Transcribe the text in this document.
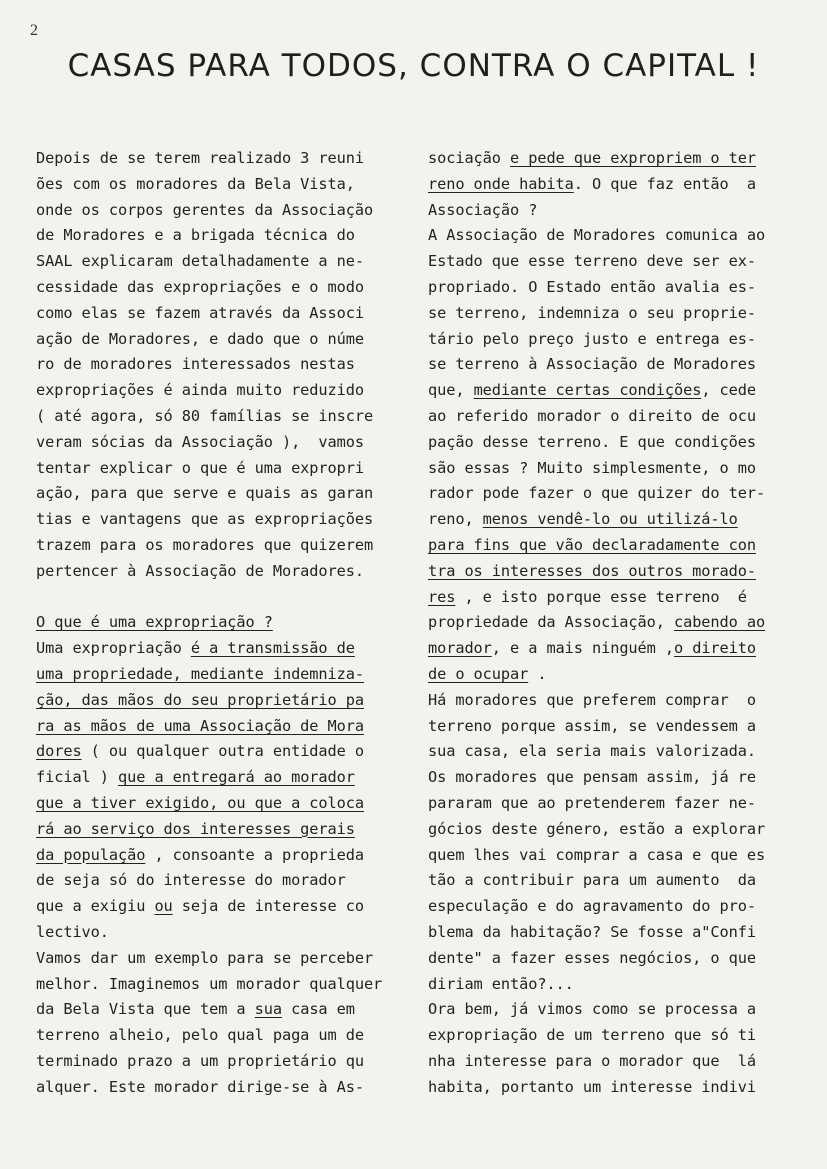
2
CASAS PARA TODOS, CONTRA O CAPITAL !
Depois de se terem realizado 3 reuni
ões com os moradores da Bela Vista,
onde os corpos gerentes da Associação
de Moradores e a brigada técnica do
SAAL explicaram detalhadamente a ne-
cessidade das expropriações e o modo
como elas se fazem através da Associ
ação de Moradores, e dado que o núme
ro de moradores interessados nestas
expropriações é ainda muito reduzido
( até agora, só 80 famílias se inscre
veram sócias da Associação ),  vamos
tentar explicar o que é uma expropri
ação, para que serve e quais as garan
tias e vantagens que as expropriações
trazem para os moradores que quizerem
pertencer à Associação de Moradores.
O que é uma expropriação ?
Uma expropriação é a transmissão de
uma propriedade, mediante indemniza-
ção, das mãos do seu proprietário pa
ra as mãos de uma Associação de Mora
dores ( ou qualquer outra entidade o
ficial ) que a entregará ao morador
que a tiver exigido, ou que a coloca
rá ao serviço dos interesses gerais
da população , consoante a proprieda
de seja só do interesse do morador
que a exigiu ou seja de interesse co
lectivo.
Vamos dar um exemplo para se perceber
melhor. Imaginemos um morador qualquer
da Bela Vista que tem a sua casa em
terreno alheio, pelo qual paga um de
terminado prazo a um proprietário qu
alquer. Este morador dirige-se à As-
sociação e pede que expropriem o ter
reno onde habita. O que faz então  a
Associação ?
A Associação de Moradores comunica ao
Estado que esse terreno deve ser ex-
propriado. O Estado então avalia es-
se terreno, indemniza o seu proprie-
tário pelo preço justo e entrega es-
se terreno à Associação de Moradores
que, mediante certas condições, cede
ao referido morador o direito de ocu
pação desse terreno. E que condições
são essas ? Muito simplesmente, o mo
rador pode fazer o que quizer do ter-
reno, menos vendê-lo ou utilizá-lo
para fins que vão declaradamente con
tra os interesses dos outros morado-
res , e isto porque esse terreno  é
propriedade da Associação, cabendo ao
morador, e a mais ninguém ,o direito
de o ocupar .
Há moradores que preferem comprar  o
terreno porque assim, se vendessem a
sua casa, ela seria mais valorizada.
Os moradores que pensam assim, já re
pararam que ao pretenderem fazer ne-
gócios deste género, estão a explorar
quem lhes vai comprar a casa e que es
tão a contribuir para um aumento  da
especulação e do agravamento do pro-
blema da habitação? Se fosse a"Confi
dente" a fazer esses negócios, o que
diriam então?...
Ora bem, já vimos como se processa a
expropriação de um terreno que só ti
nha interesse para o morador que  lá
habita, portanto um interesse indivi
